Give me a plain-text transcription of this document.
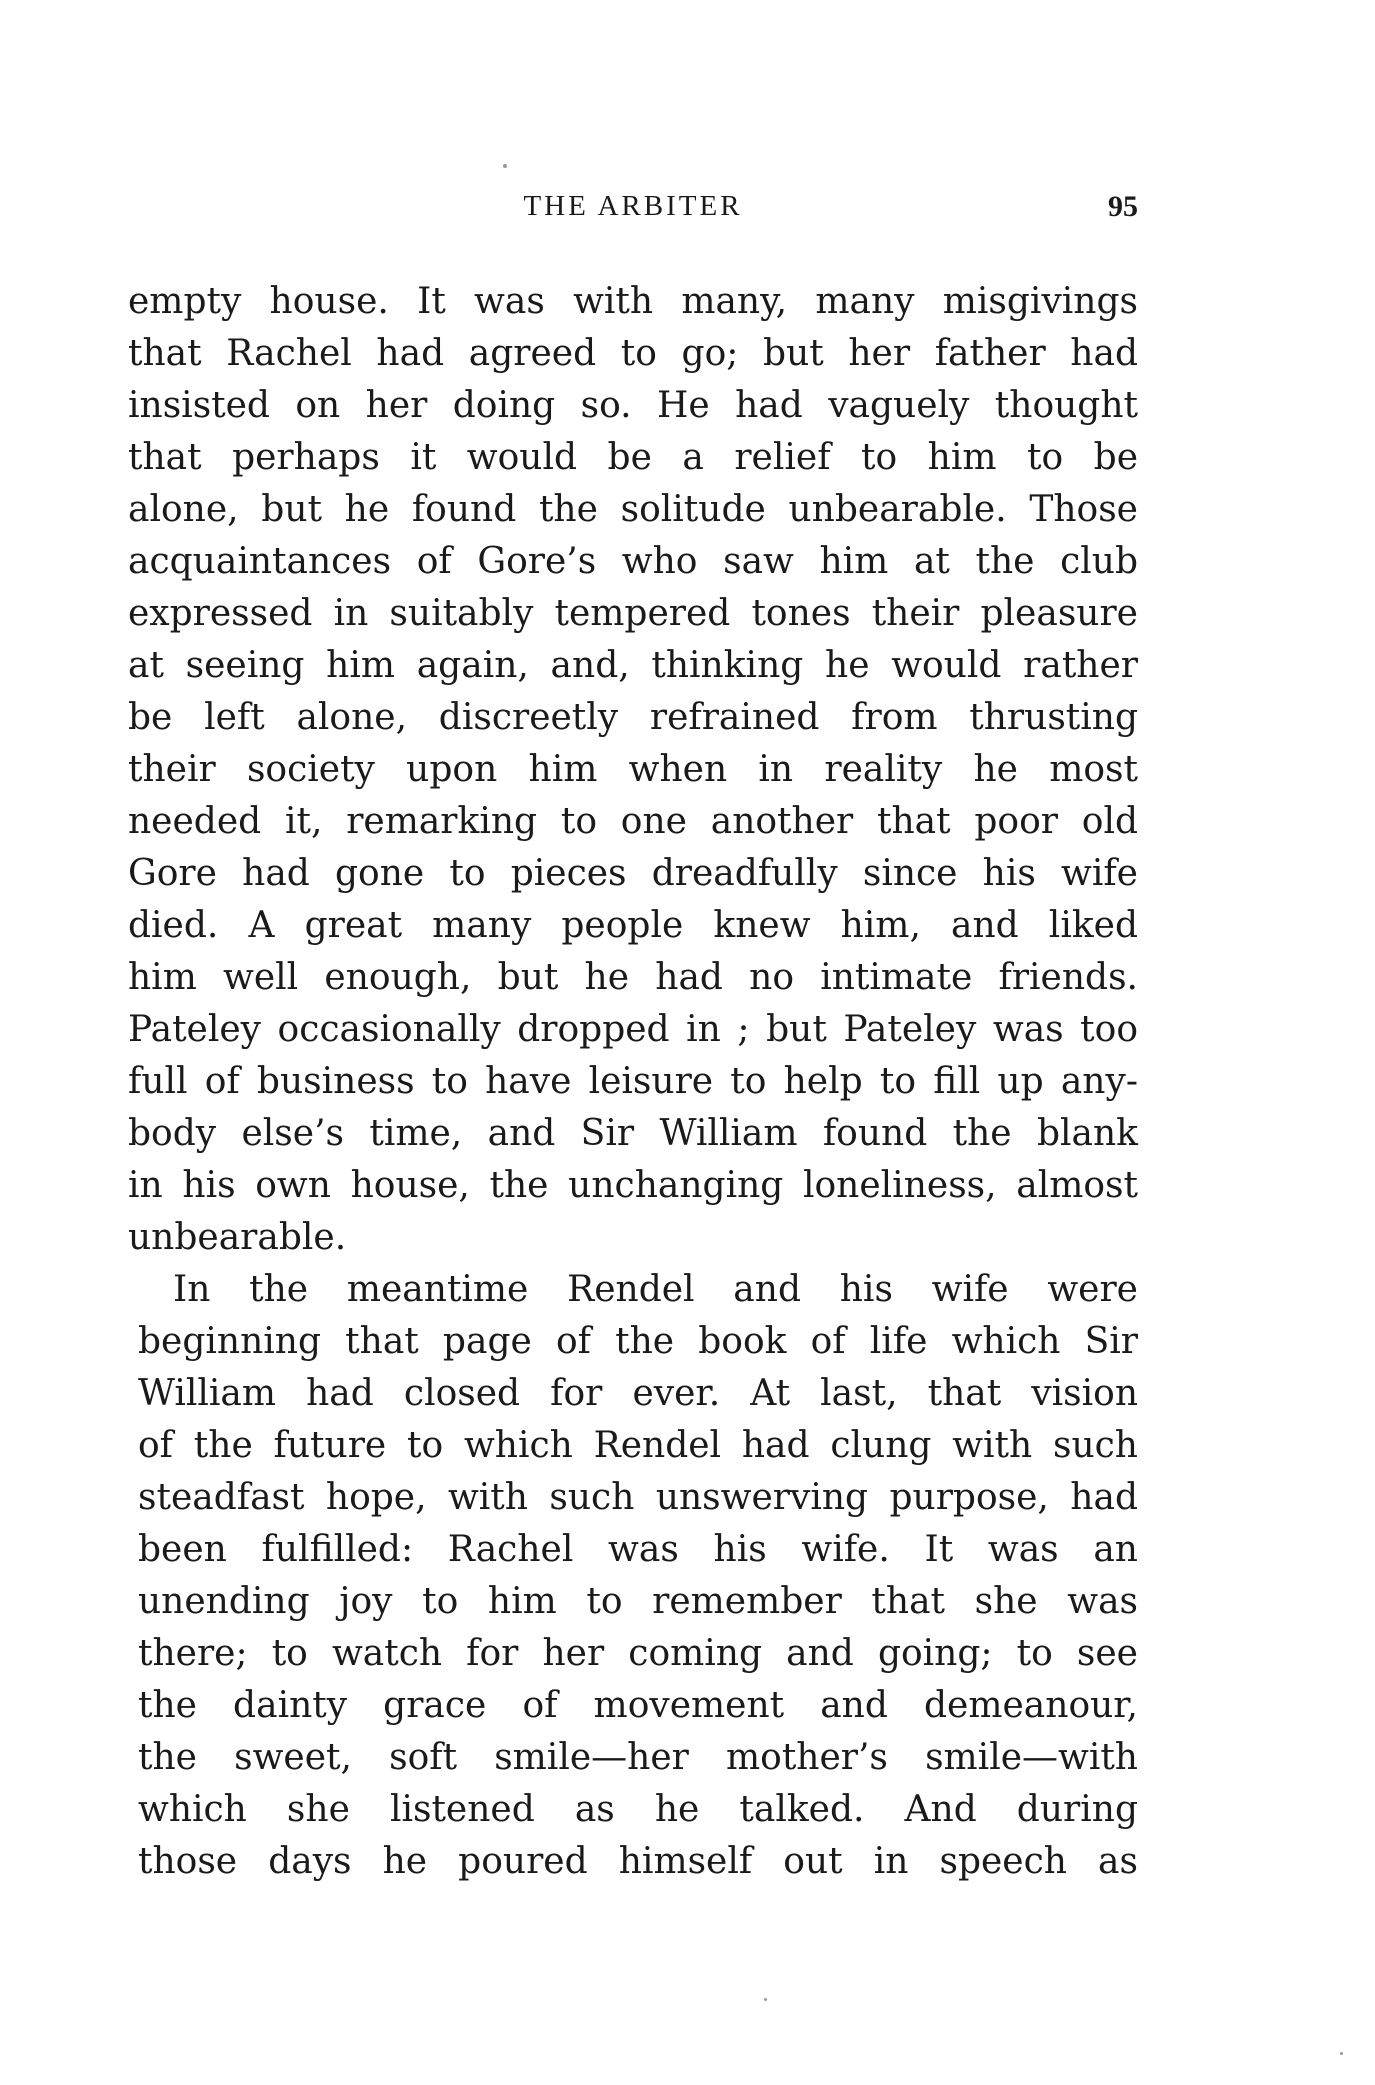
THE ARBITER	95
empty house. It was with many, many misgivings
that Rachel had agreed to go; but her father had
insisted on her doing so. He had vaguely thought
that perhaps it would be a relief to him to be
alone, but he found the solitude unbearable. Those
acquaintances of Gore’s who saw him at the club
expressed in suitably tempered tones their pleasure
at seeing him again, and, thinking he would rather
be left alone, discreetly refrained from thrusting
their society upon him when in reality he most
needed it, remarking to one another that poor old
Gore had gone to pieces dreadfully since his wife
died. A great many people knew him, and liked
him well enough, but he had no intimate friends.
Pateley occasionally dropped in ; but Pateley was too
full of business to have leisure to help to fill up any-
body else’s time, and Sir William found the blank
in his own house, the unchanging loneliness, almost
unbearable.
In the meantime Rendel and his wife were
beginning that page of the book of life which Sir
William had closed for ever. At last, that vision
of the future to which Rendel had clung with such
steadfast hope, with such unswerving purpose, had
been fulfilled: Rachel was his wife. It was an
unending joy to him to remember that she was
there; to watch for her coming and going; to see
the dainty grace of movement and demeanour,
the sweet, soft smile—her mother’s smile—with
which she listened as he talked. And during
those days he poured himself out in speech as
